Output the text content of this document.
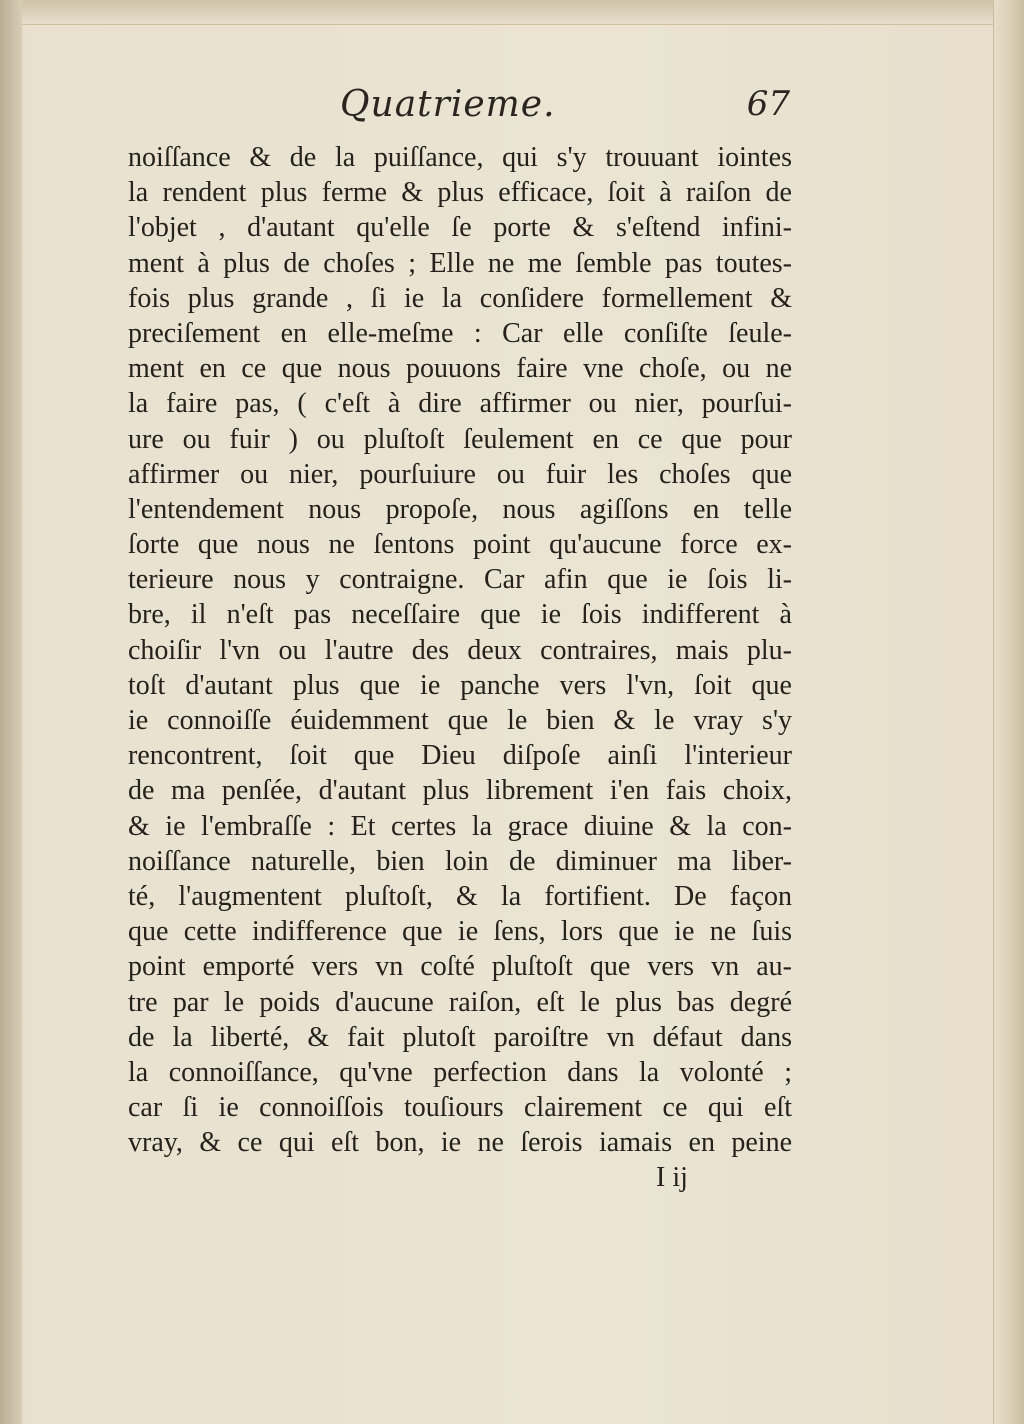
Quatrieme.	67
noiſſance & de la puiſſance, qui s'y trouuant iointes
la rendent plus ferme & plus efficace, ſoit à raiſon de
l'objet , d'autant qu'elle ſe porte & s'eſtend infini-
ment à plus de choſes ; Elle ne me ſemble pas toutes-
fois plus grande , ſi ie la conſidere formellement &
preciſement en elle-meſme : Car elle conſiſte ſeule-
ment en ce que nous pouuons faire vne choſe, ou ne
la faire pas, ( c'eſt à dire affirmer ou nier, pourſui-
ure ou fuir ) ou pluſtoſt ſeulement en ce que pour
affirmer ou nier, pourſuiure ou fuir les choſes que
l'entendement nous propoſe, nous agiſſons en telle
ſorte que nous ne ſentons point qu'aucune force ex-
terieure nous y contraigne. Car afin que ie ſois li-
bre, il n'eſt pas neceſſaire que ie ſois indifferent à
choiſir l'vn ou l'autre des deux contraires, mais plu-
toſt d'autant plus que ie panche vers l'vn, ſoit que
ie connoiſſe éuidemment que le bien & le vray s'y
rencontrent, ſoit que Dieu diſpoſe ainſi l'interieur
de ma penſée, d'autant plus librement i'en fais choix,
& ie l'embraſſe : Et certes la grace diuine & la con-
noiſſance naturelle, bien loin de diminuer ma liber-
té, l'augmentent pluſtoſt, & la fortifient. De façon
que cette indifference que ie ſens, lors que ie ne ſuis
point emporté vers vn coſté pluſtoſt que vers vn au-
tre par le poids d'aucune raiſon, eſt le plus bas degré
de la liberté, & fait plutoſt paroiſtre vn défaut dans
la connoiſſance, qu'vne perfection dans la volonté ;
car ſi ie connoiſſois touſiours clairement ce qui eſt
vray, & ce qui eſt bon, ie ne ſerois iamais en peine
I ij
